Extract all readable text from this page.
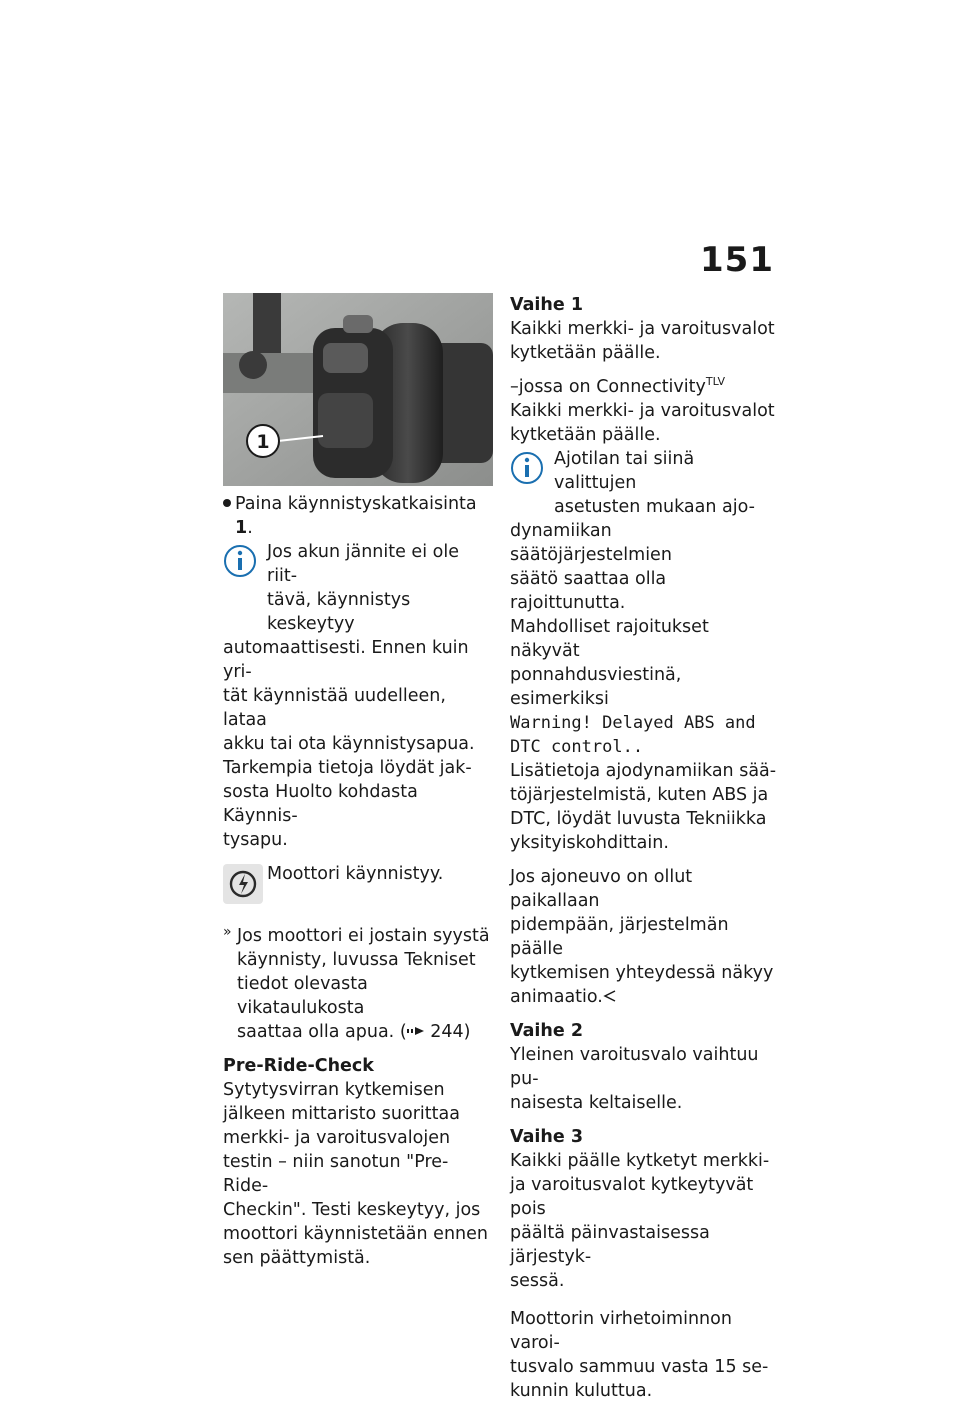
151
1

Paina käynnistyskatkaisinta 1.

Jos akun jännite ei ole riit-

tävä, käynnistys keskeytyy

automaattisesti. Ennen kuin yri-

tät käynnistää uudelleen, lataa

akku tai ota käynnistysapua.

Tarkempia tietoja löydät jak-

sosta Huolto kohdasta Käynnis-

tysapu.

Moottori käynnistyy.

» Jos moottori ei jostain syystä

käynnisty, luvussa Tekniset

tiedot olevasta vikataulukosta

saattaa olla apua. ( 244)

Pre-Ride-Check

Sytytysvirran kytkemisen

jälkeen mittaristo suorittaa

merkki- ja varoitusvalojen

testin – niin sanotun "Pre-Ride-

Checkin". Testi keskeytyy, jos

moottori käynnistetään ennen

sen päättymistä.

Vaihe 1

Kaikki merkki- ja varoitusvalot

kytketään päälle.

–jossa on Connectivity$^{TLV}$

Kaikki merkki- ja varoitusvalot

kytketään päälle.

Ajotilan tai siinä valittujen

asetusten mukaan ajo-

dynamiikan säätöjärjestelmien

säätö saattaa olla rajoittunutta.

Mahdolliset rajoitukset näkyvät

ponnahdusviestinä, esimerkiksi

Warning! Delayed ABS and

DTC control..

Lisätietoja ajodynamiikan sää-

töjärjestelmistä, kuten ABS ja

DTC, löydät luvusta Tekniikka

yksityiskohdittain.

Jos ajoneuvo on ollut paikallaan

pidempään, järjestelmän päälle

kytkemisen yhteydessä näkyy

animaatio.

Vaihe 2

Yleinen varoitusvalo vaihtuu pu-

naisesta keltaiselle.

Vaihe 3

Kaikki päälle kytketyt merkki-

ja varoitusvalot kytkeytyvät pois

päältä päinvastaisessa järjestyk-

sessä.

Moottorin virhetoiminnon varoi-

tusvalo sammuu vasta 15 se-

kunnin kuluttua.
